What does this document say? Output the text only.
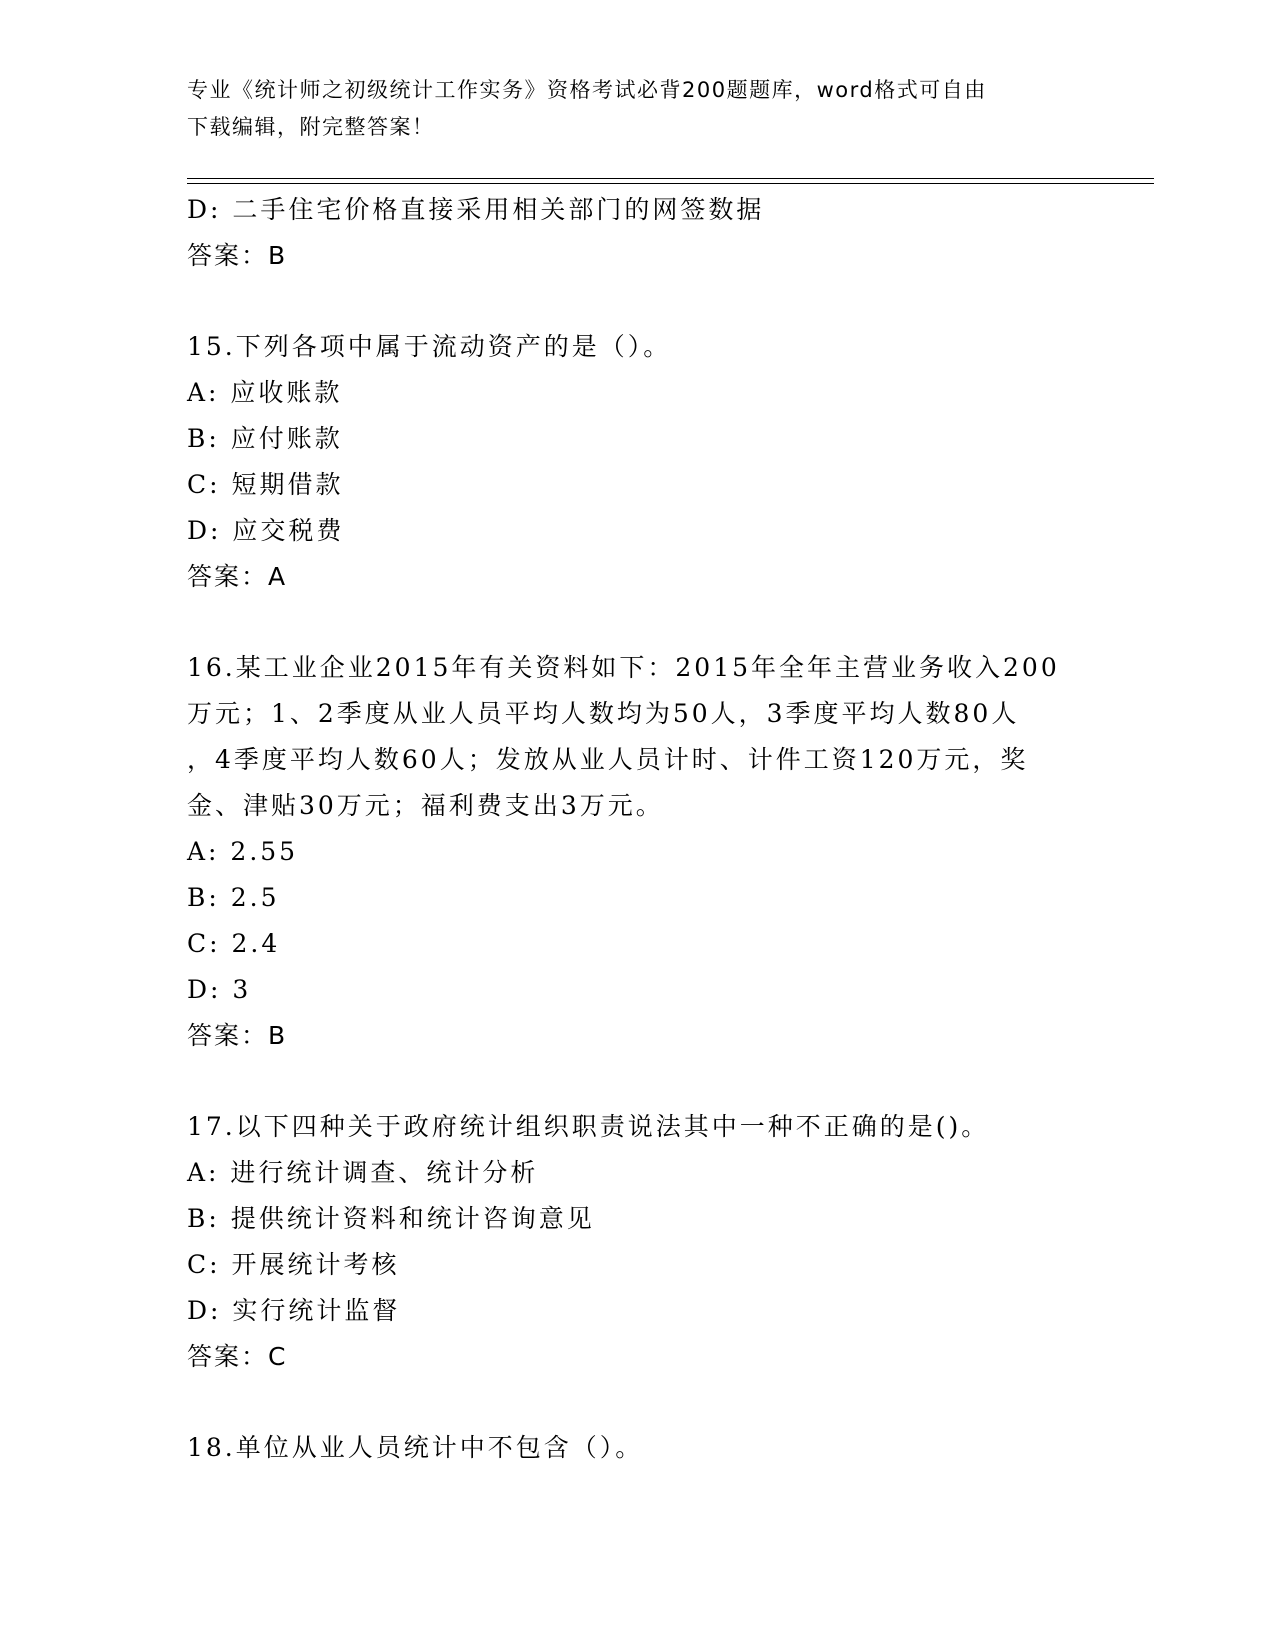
专业《统计师之初级统计工作实务》资格考试必背200题题库，word格式可自由
下载编辑，附完整答案！
D: 二手住宅价格直接采用相关部门的网签数据
答案：B
15.下列各项中属于流动资产的是（）。
A: 应收账款
B: 应付账款
C: 短期借款
D: 应交税费
答案：A
16.某工业企业2015年有关资料如下：2015年全年主营业务收入200
万元；1、2季度从业人员平均人数均为50人，3季度平均人数80人
，4季度平均人数60人；发放从业人员计时、计件工资120万元，奖
金、津贴30万元；福利费支出3万元。
A: 2.55
B: 2.5
C: 2.4
D: 3
答案：B
17.以下四种关于政府统计组织职责说法其中一种不正确的是()。
A: 进行统计调查、统计分析
B: 提供统计资料和统计咨询意见
C: 开展统计考核
D: 实行统计监督
答案：C
18.单位从业人员统计中不包含（）。
